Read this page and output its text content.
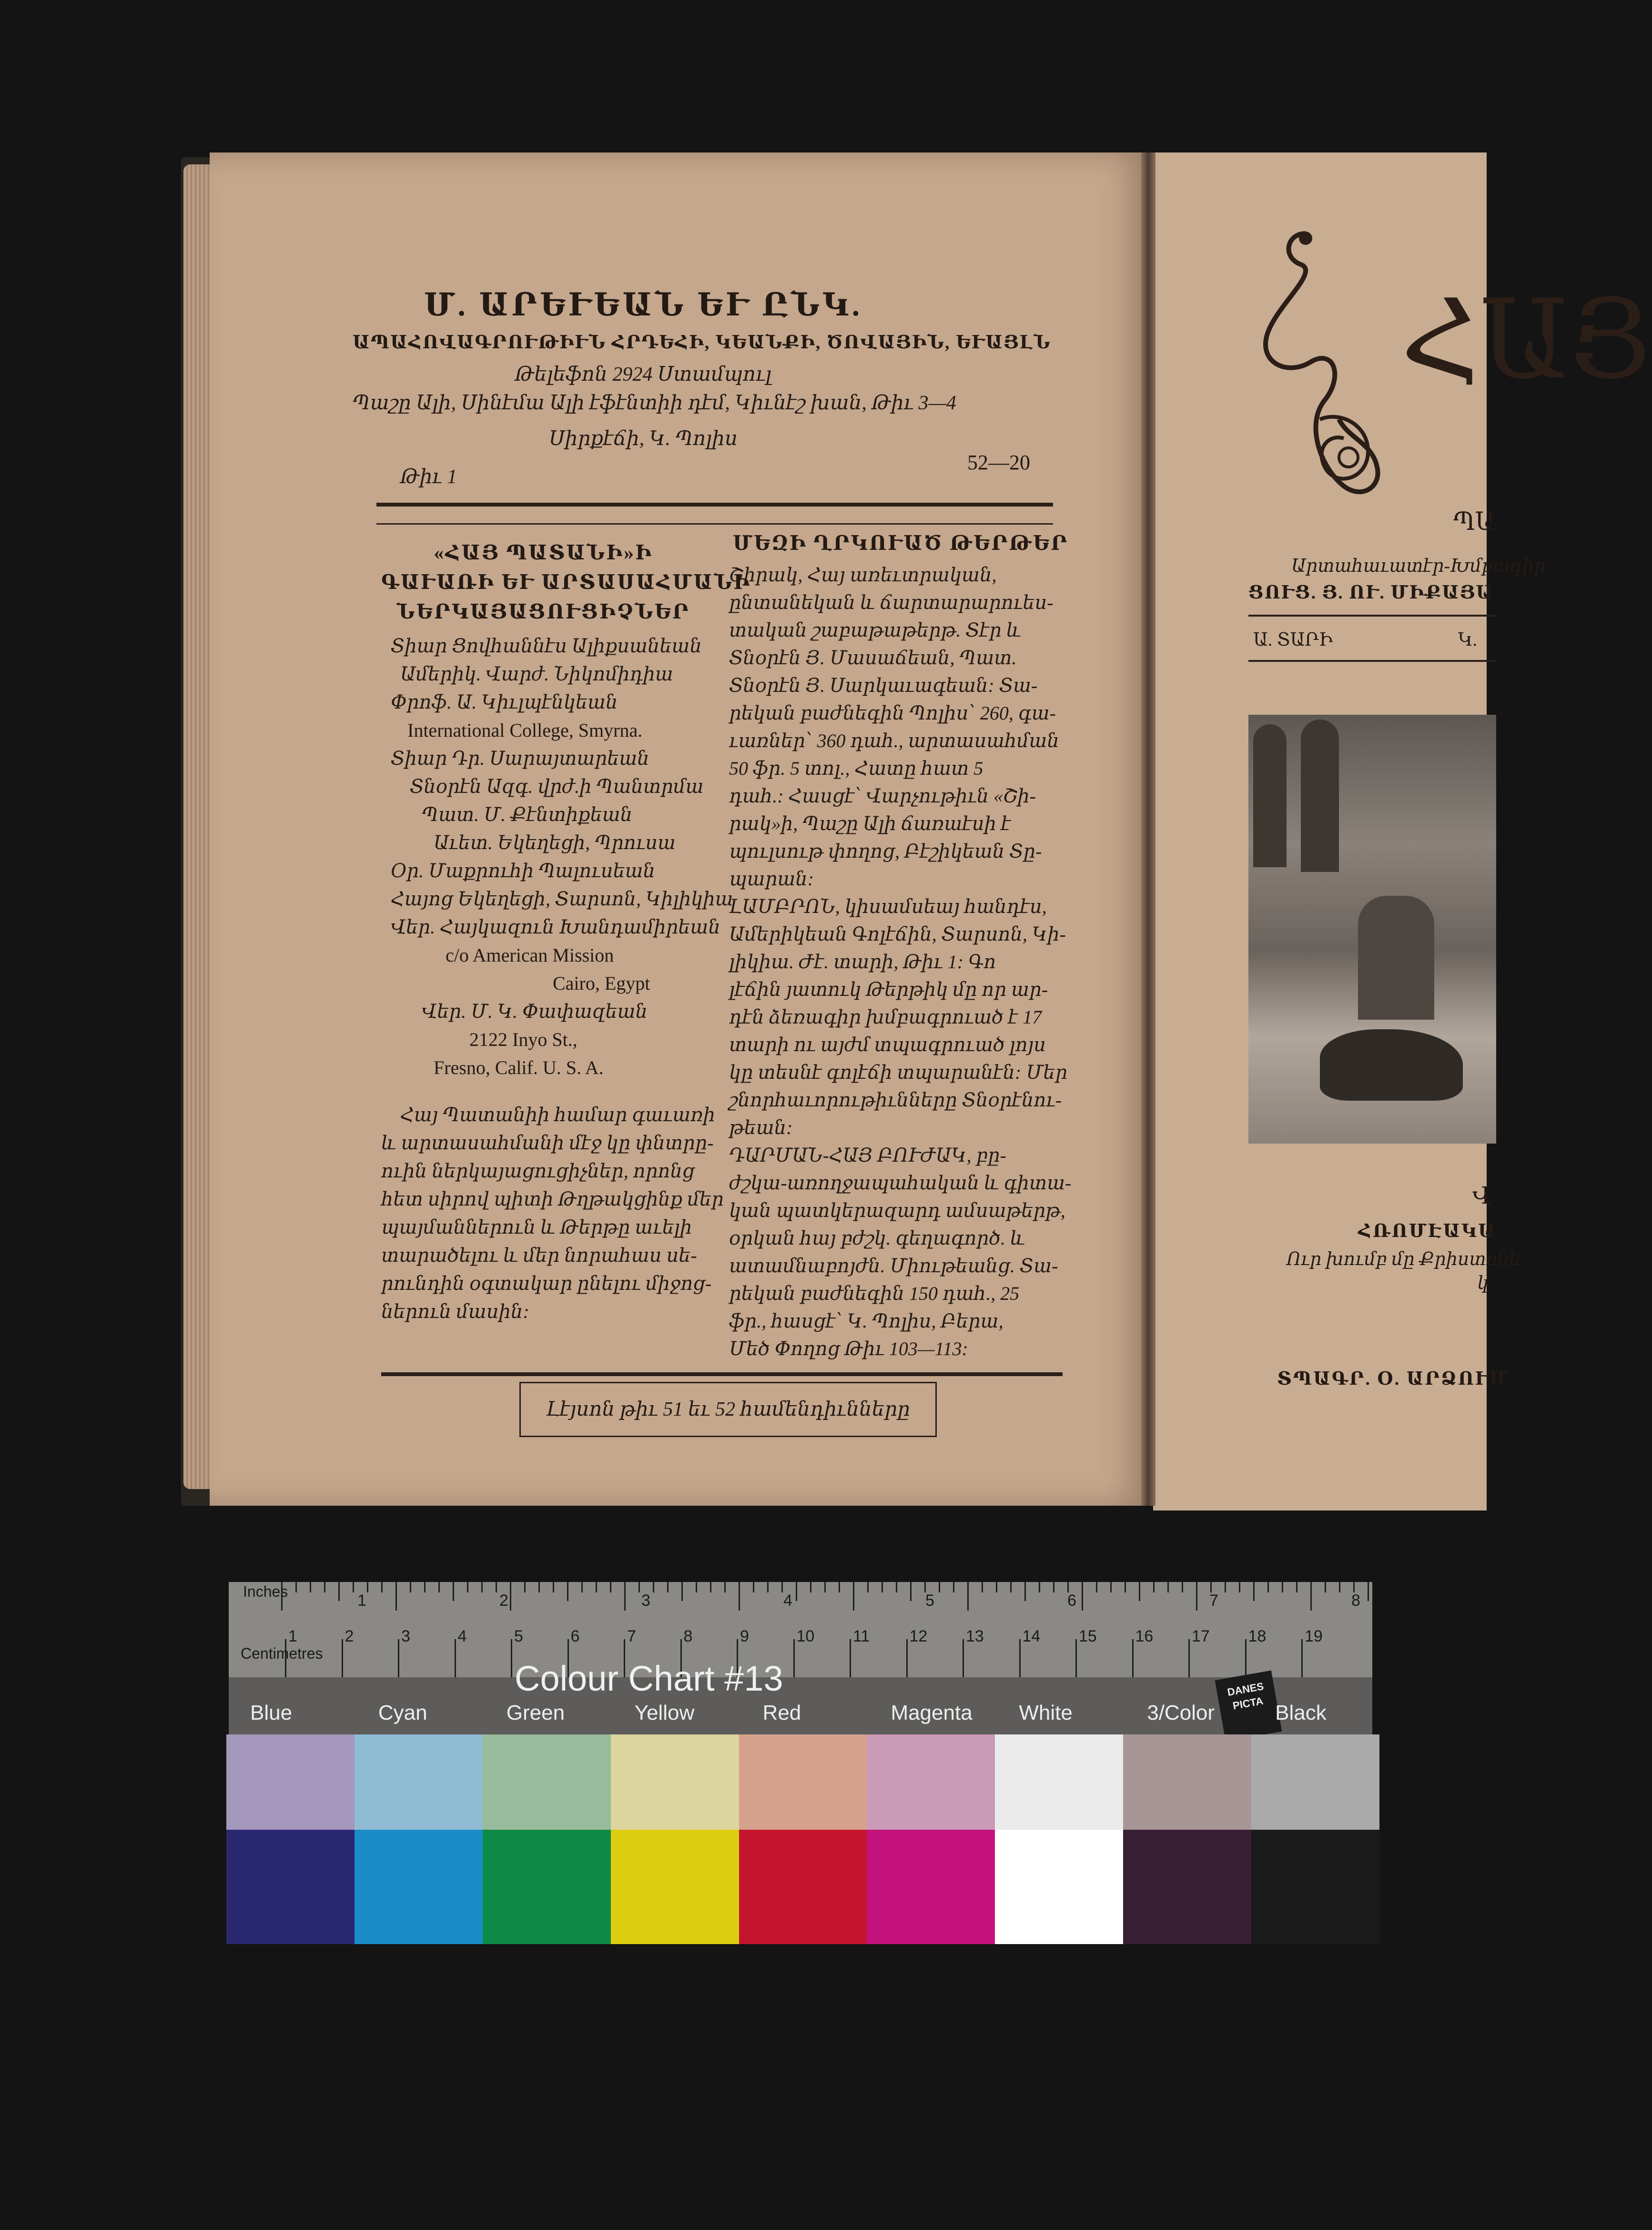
Մ. ԱՐԵՒԵԱՆ ԵՒ ԸՆԿ.
ԱՊԱՀՈՎԱԳՐՈՒԹԻՒՆ ՀՐԴԵՀԻ, ԿԵԱՆՔԻ, ԾՈՎԱՅԻՆ, ԵՒԱՅԼՆ
Թելեֆոն 2924 Ստամպուլ
Պաշը Ալի, Սինէմա Ալի էֆէնտիի դէմ, Կիւնէշ խան, Թիւ 3—4
Սիրքէճի, Կ. Պոլիս
Թիւ 1
52—20
«ՀԱՅ ՊԱՏԱՆԻ»Ի
ԳԱՒԱՌԻ ԵՒ ԱՐՏԱՍԱՀՄԱՆԻ
ՆԵՐԿԱՅԱՑՈՒՑԻՉՆԵՐ
Տիար Ցովհաննէս Ալիքսանեան
Ամերիկ. Վարժ. Նիկոմիդիա
Փրոֆ. Ա. Կիւլպէնկեան
International College, Smyrna.
Տիար Դր. Սարայտարեան
Տնօրէն Ազգ. վրժ.ի Պանտրմա
Պատ. Մ. Քէնտիքեան
Աւետ. Եկեղեցի, Պրուսա
Օր. Մաքրուհի Պալուսեան
Հայոց Եկեղեցի, Տարսոն, Կիլիկիա
Վեր. Հայկազուն Խանդամիրեան
c/o American Mission
Cairo, Egypt
Վեր. Մ. Կ. Փափազեան
2122 Inyo St.,
Fresno, Calif. U. S. A.
Հայ Պատանիի համար գաւառի
և արտասահմանի մէջ կը փնտրը-
ուին ներկայացուցիչներ, որոնց
հետ սիրով պիտի Թղթակցինք մեր
պայմաններուն և Թերթը աւելի
տարածելու և մեր նորահաս սե-
րունդին օգտակար ընելու միջոց-
ներուն մասին:
ՄԵԶԻ ՂՐԿՈՒԱԾ ԹԵՐԹԵՐ
Շիրակ, Հայ առեւտրական,
ընտանեկան և ճարտարարուես-
տական շաբաթաթերթ. Տէր և
Տնօրէն Յ. Մասաճեան, Պատ.
Տնօրէն Յ. Սարկաւագեան: Տա-
րեկան բաժնեգին Պոլիս՝ 260, գա-
ւառներ՝ 360 դահ., արտասահման
50 ֆր. 5 տոլ., Հատը հատ 5
դահ.: Հասցէ՝ Վարչութիւն «Շի-
րակ»ի, Պաշը Ալի ճառաէսի է
պուլսութ փողոց, Բէշիկեան Տը-
պարան:
ԼԱՄԲՐՈՆ, կիսամսեայ հանդէս,
Ամերիկեան Գոլէճին, Տարսոն, Կի-
լիկիա. Ժէ. տարի, Թիւ 1: Գո
լէճին յատուկ Թերթիկ մը որ ար-
դէն ձեռագիր խմբագրուած է 17
տարի ու այժմ տպագրուած լոյս
կը տեսնէ գոլէճի տպարանէն: Մեր
շնորհաւորութիւնները Տնօրէնու-
թեան:
ԴԱՐՄԱՆ-ՀԱՅ ԲՈՒԺԱԿ, բը-
ժշկա-առողջապահական և գիտա-
կան պատկերազարդ ամսաթերթ,
օրկան հայ բժշկ. գեղագործ. և
ատամնաբոյժն. Միութեանց. Տա-
րեկան բաժնեգին 150 դահ., 25
ֆր., հասցէ՝ Կ. Պոլիս, Բերա,
Մեծ Փողոց Թիւ 103—113:
Լէյսոն թիւ 51 եւ 52 համենդիւնները
ՀԱՅ
ՊԱ
Արտահաւատէր-Խմբագիր
ՑՈՒՑ. Յ. ՈՒ. ՄԻՔԱՅԱ
Ա. ՏԱՐԻ	Կ.
Վ
ՀՌՈՄԷԱԿԱ
Ուր խումբ մը Քրիստոնե
կ
ՏՊԱԳՐ. Օ. ԱՐՁՈՒՄ
1	2	3	4	5	6	7	8
1	2	3	4	5	6	7	8	9	10 11 12 13 14 15 16 17 18 19
Inches
Centimetres
Colour Chart #13	DANES PICTA
Blue	Cyan	Green	Yellow	Red	Magenta White	3/Color	Black
